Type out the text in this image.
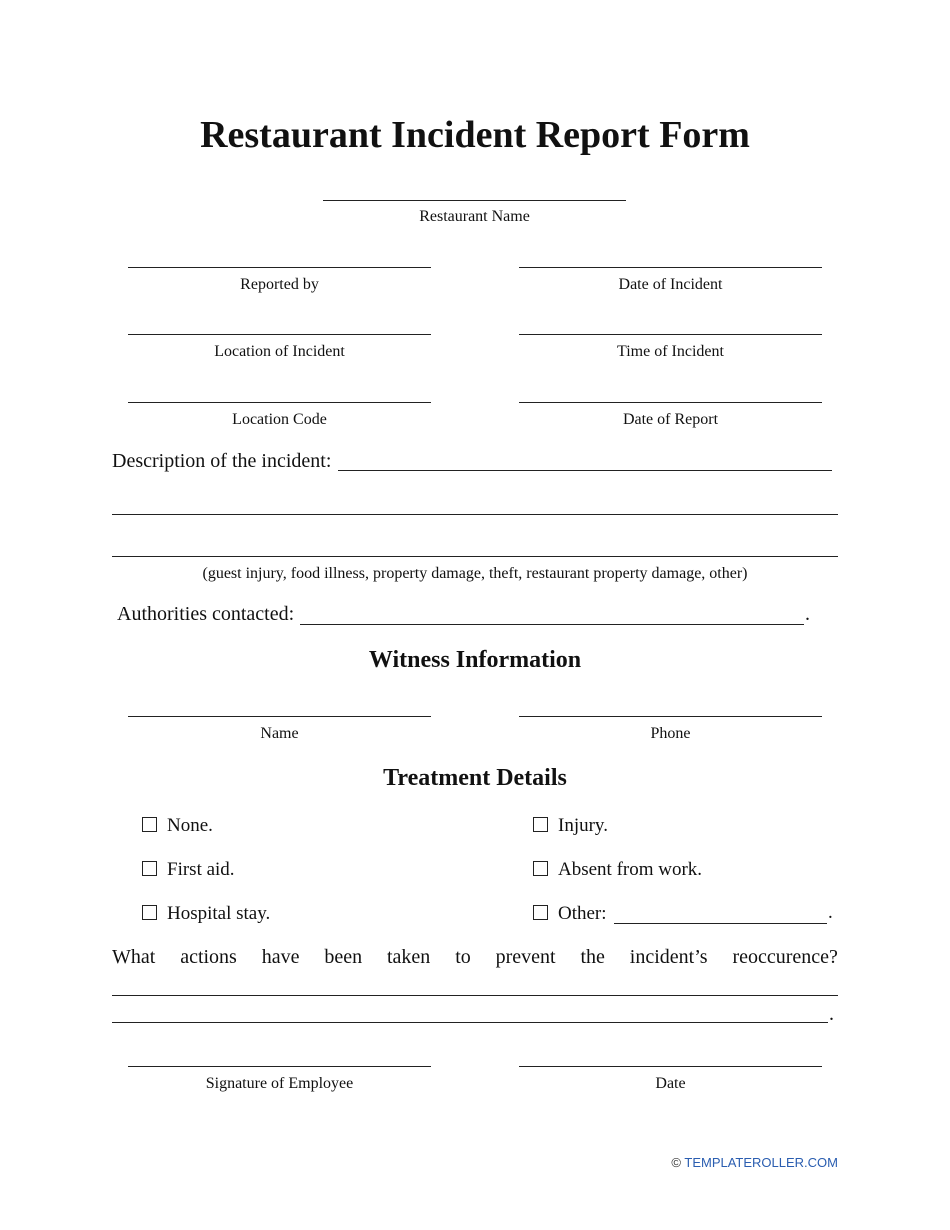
Restaurant Incident Report Form
Restaurant Name
Reported by	Date of Incident
Location of Incident	Time of Incident
Location Code	Date of Report
Description of the incident:
(guest injury, food illness, property damage, theft, restaurant property damage, other)
Authorities contacted:	.
Witness Information
Name	Phone
Treatment Details
None.	Injury.
First aid.	Absent from work.
Hospital stay.	Other:	.
What actions have been taken to prevent the incident’s reoccurence?
.
Signature of Employee	Date
© TEMPLATEROLLER.COM
